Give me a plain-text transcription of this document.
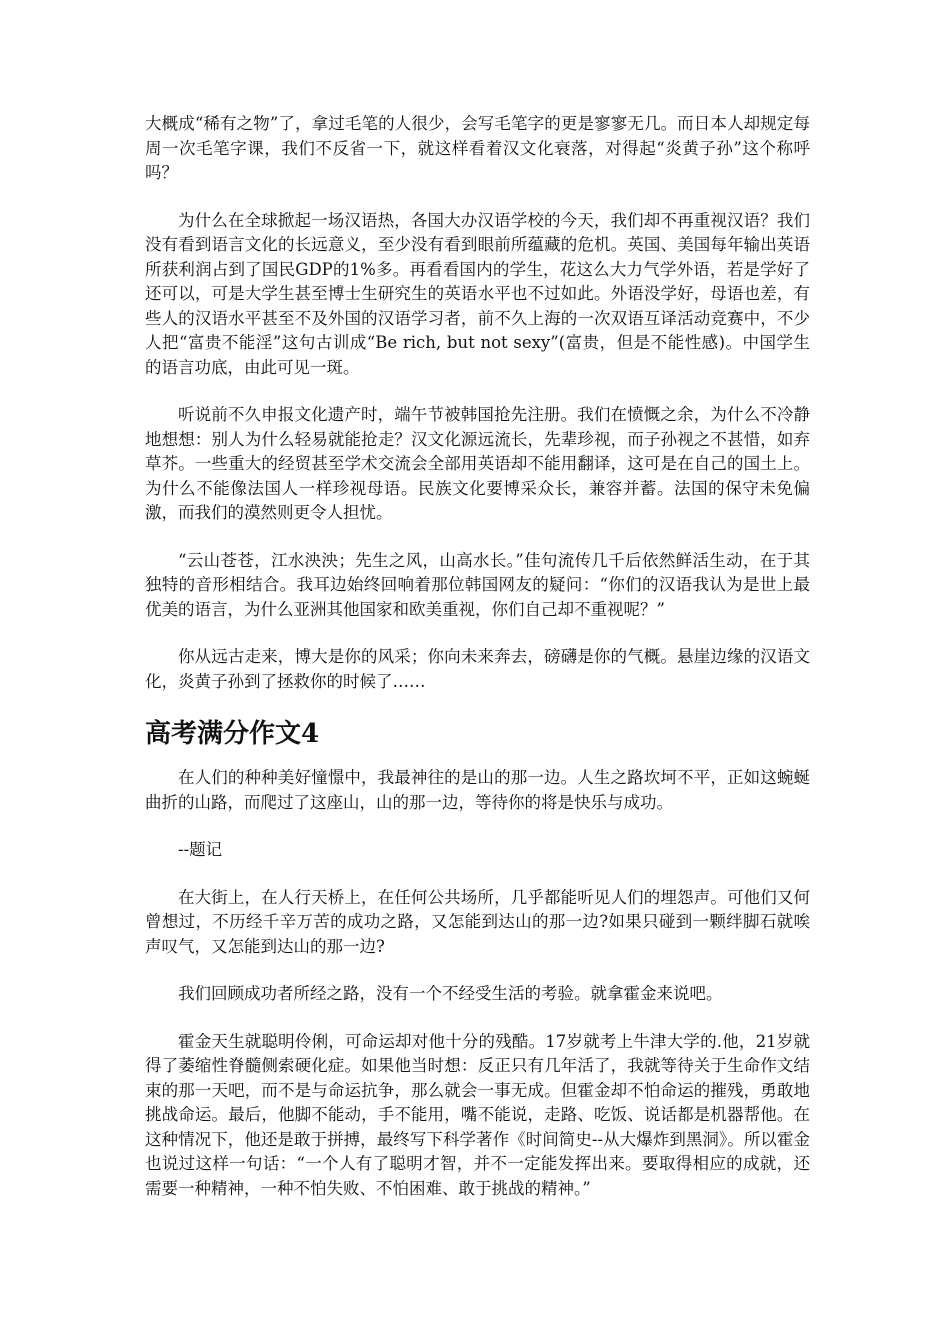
大概成“稀有之物”了，拿过毛笔的人很少，会写毛笔字的更是寥寥无几。而日本人却规定每周一次毛笔字课，我们不反省一下，就这样看着汉文化衰落，对得起“炎黄子孙”这个称呼吗？

为什么在全球掀起一场汉语热，各国大办汉语学校的今天，我们却不再重视汉语？我们没有看到语言文化的长远意义，至少没有看到眼前所蕴藏的危机。英国、美国每年输出英语所获利润占到了国民GDP的1%多。再看看国内的学生，花这么大力气学外语，若是学好了还可以，可是大学生甚至博士生研究生的英语水平也不过如此。外语没学好，母语也差，有些人的汉语水平甚至不及外国的汉语学习者，前不久上海的一次双语互译活动竞赛中，不少人把“富贵不能淫”这句古训成“Be rich, but not sexy”(富贵，但是不能性感)。中国学生的语言功底，由此可见一斑。

听说前不久申报文化遗产时，端午节被韩国抢先注册。我们在愤慨之余，为什么不冷静地想想：别人为什么轻易就能抢走？汉文化源远流长，先辈珍视，而子孙视之不甚惜，如弃草芥。一些重大的经贸甚至学术交流会全部用英语却不能用翻译，这可是在自己的国土上。为什么不能像法国人一样珍视母语。民族文化要博采众长，兼容并蓄。法国的保守未免偏激，而我们的漠然则更令人担忧。

“云山苍苍，江水泱泱；先生之风，山高水长。”佳句流传几千后依然鲜活生动，在于其独特的音形相结合。我耳边始终回响着那位韩国网友的疑问：“你们的汉语我认为是世上最优美的语言，为什么亚洲其他国家和欧美重视，你们自己却不重视呢？”

你从远古走来，博大是你的风采；你向未来奔去，磅礴是你的气概。悬崖边缘的汉语文化，炎黄子孙到了拯救你的时候了……

高考满分作文4

在人们的种种美好憧憬中，我最神往的是山的那一边。人生之路坎坷不平，正如这蜿蜒曲折的山路，而爬过了这座山，山的那一边，等待你的将是快乐与成功。

--题记

在大街上，在人行天桥上，在任何公共场所，几乎都能听见人们的埋怨声。可他们又何曾想过，不历经千辛万苦的成功之路，又怎能到达山的那一边?如果只碰到一颗绊脚石就唉声叹气，又怎能到达山的那一边?

我们回顾成功者所经之路，没有一个不经受生活的考验。就拿霍金来说吧。

霍金天生就聪明伶俐，可命运却对他十分的残酷。17岁就考上牛津大学的.他，21岁就得了萎缩性脊髓侧索硬化症。如果他当时想：反正只有几年活了，我就等待关于生命作文结束的那一天吧，而不是与命运抗争，那么就会一事无成。但霍金却不怕命运的摧残，勇敢地挑战命运。最后，他脚不能动，手不能用，嘴不能说，走路、吃饭、说话都是机器帮他。在这种情况下，他还是敢于拼搏，最终写下科学著作《时间简史--从大爆炸到黑洞》。所以霍金也说过这样一句话：“一个人有了聪明才智，并不一定能发挥出来。要取得相应的成就，还需要一种精神，一种不怕失败、不怕困难、敢于挑战的精神。”
